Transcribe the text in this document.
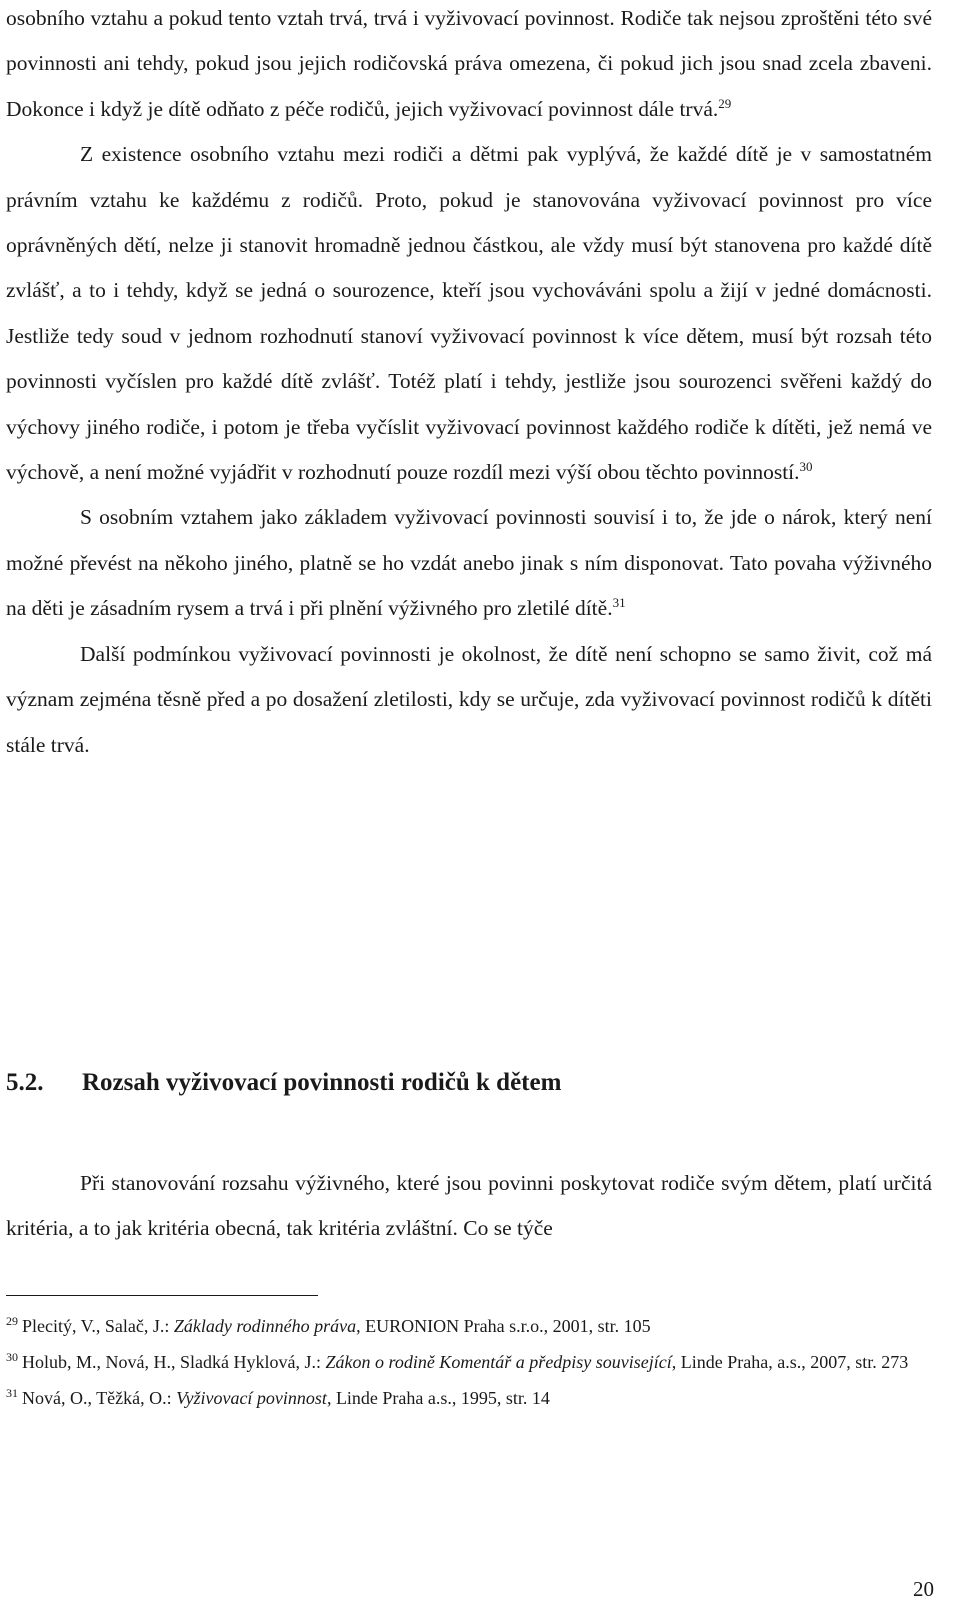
osobního vztahu a pokud tento vztah trvá, trvá i vyživovací povinnost. Rodiče tak nejsou zproštěni této své povinnosti ani tehdy, pokud jsou jejich rodičovská práva omezena, či pokud jich jsou snad zcela zbaveni. Dokonce i když je dítě odňato z péče rodičů, jejich vyživovací povinnost dále trvá.$^{29}$

Z existence osobního vztahu mezi rodiči a dětmi pak vyplývá, že každé dítě je v samostatném právním vztahu ke každému z rodičů. Proto, pokud je stanovována vyživovací povinnost pro více oprávněných dětí, nelze ji stanovit hromadně jednou částkou, ale vždy musí být stanovena pro každé dítě zvlášť, a to i tehdy, když se jedná o sourozence, kteří jsou vychováváni spolu a žijí v jedné domácnosti. Jestliže tedy soud v jednom rozhodnutí stanoví vyživovací povinnost k více dětem, musí být rozsah této povinnosti vyčíslen pro každé dítě zvlášť. Totéž platí i tehdy, jestliže jsou sourozenci svěřeni každý do výchovy jiného rodiče, i potom je třeba vyčíslit vyživovací povinnost každého rodiče k dítěti, jež nemá ve výchově, a není možné vyjádřit v rozhodnutí pouze rozdíl mezi výší obou těchto povinností.$^{30}$

S osobním vztahem jako základem vyživovací povinnosti souvisí i to, že jde o nárok, který není možné převést na někoho jiného, platně se ho vzdát anebo jinak s ním disponovat. Tato povaha výživného na děti je zásadním rysem a trvá i při plnění výživného pro zletilé dítě.$^{31}$

Další podmínkou vyživovací povinnosti je okolnost, že dítě není schopno se samo živit, což má význam zejména těsně před a po dosažení zletilosti, kdy se určuje, zda vyživovací povinnost rodičů k dítěti stále trvá.

5.2. Rozsah vyživovací povinnosti rodičů k dětem

Při stanovování rozsahu výživného, které jsou povinni poskytovat rodiče svým dětem, platí určitá kritéria, a to jak kritéria obecná, tak kritéria zvláštní. Co se týče

$^{29}$ Plecitý, V., Salač, J.: Základy rodinného práva, EURONION Praha s.r.o., 2001, str. 105

$^{30}$ Holub, M., Nová, H., Sladká Hyklová, J.: Zákon o rodině Komentář a předpisy související, Linde Praha, a.s., 2007, str. 273

$^{31}$ Nová, O., Těžká, O.: Vyživovací povinnost, Linde Praha a.s., 1995, str. 14

20
